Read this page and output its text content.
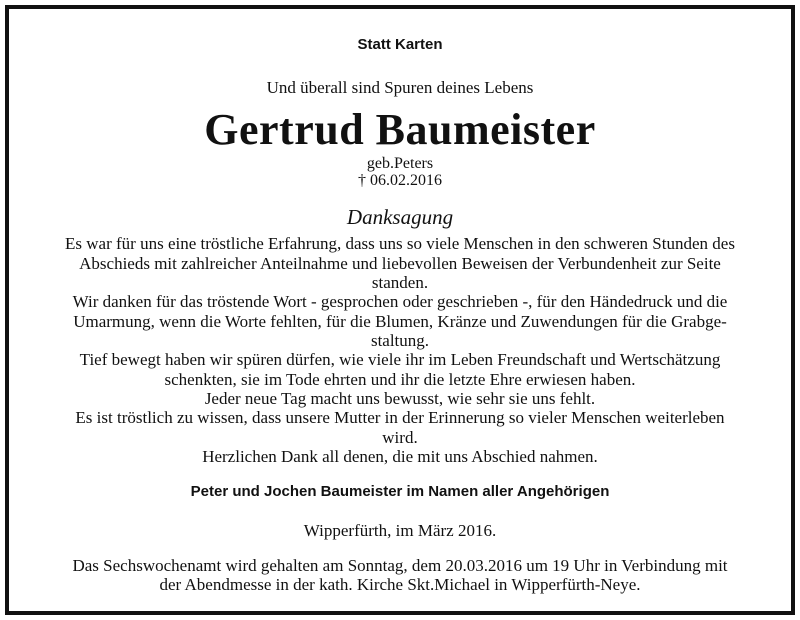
Statt Karten
Und überall sind Spuren deines Lebens
Gertrud Baumeister
geb.Peters
† 06.02.2016
Danksagung
Es war für uns eine tröstliche Erfahrung, dass uns so viele Menschen in den schweren Stunden des
Abschieds mit zahlreicher Anteilnahme und liebevollen Beweisen der Verbundenheit zur Seite
standen.
Wir danken für das tröstende Wort - gesprochen oder geschrieben -, für den Händedruck und die
Umarmung, wenn die Worte fehlten, für die Blumen, Kränze und Zuwendungen für die Grabge-
staltung.
Tief bewegt haben wir spüren dürfen, wie viele ihr im Leben Freundschaft und Wertschätzung
schenkten, sie im Tode ehrten und ihr die letzte Ehre erwiesen haben.
Jeder neue Tag macht uns bewusst, wie sehr sie uns fehlt.
Es ist tröstlich zu wissen, dass unsere Mutter in der Erinnerung so vieler Menschen weiterleben
wird.
Herzlichen Dank all denen, die mit uns Abschied nahmen.
Peter und Jochen Baumeister im Namen aller Angehörigen
Wipperfürth, im März 2016.
Das Sechswochenamt wird gehalten am Sonntag, dem 20.03.2016 um 19 Uhr in Verbindung mit
der Abendmesse in der kath. Kirche Skt.Michael in Wipperfürth-Neye.
